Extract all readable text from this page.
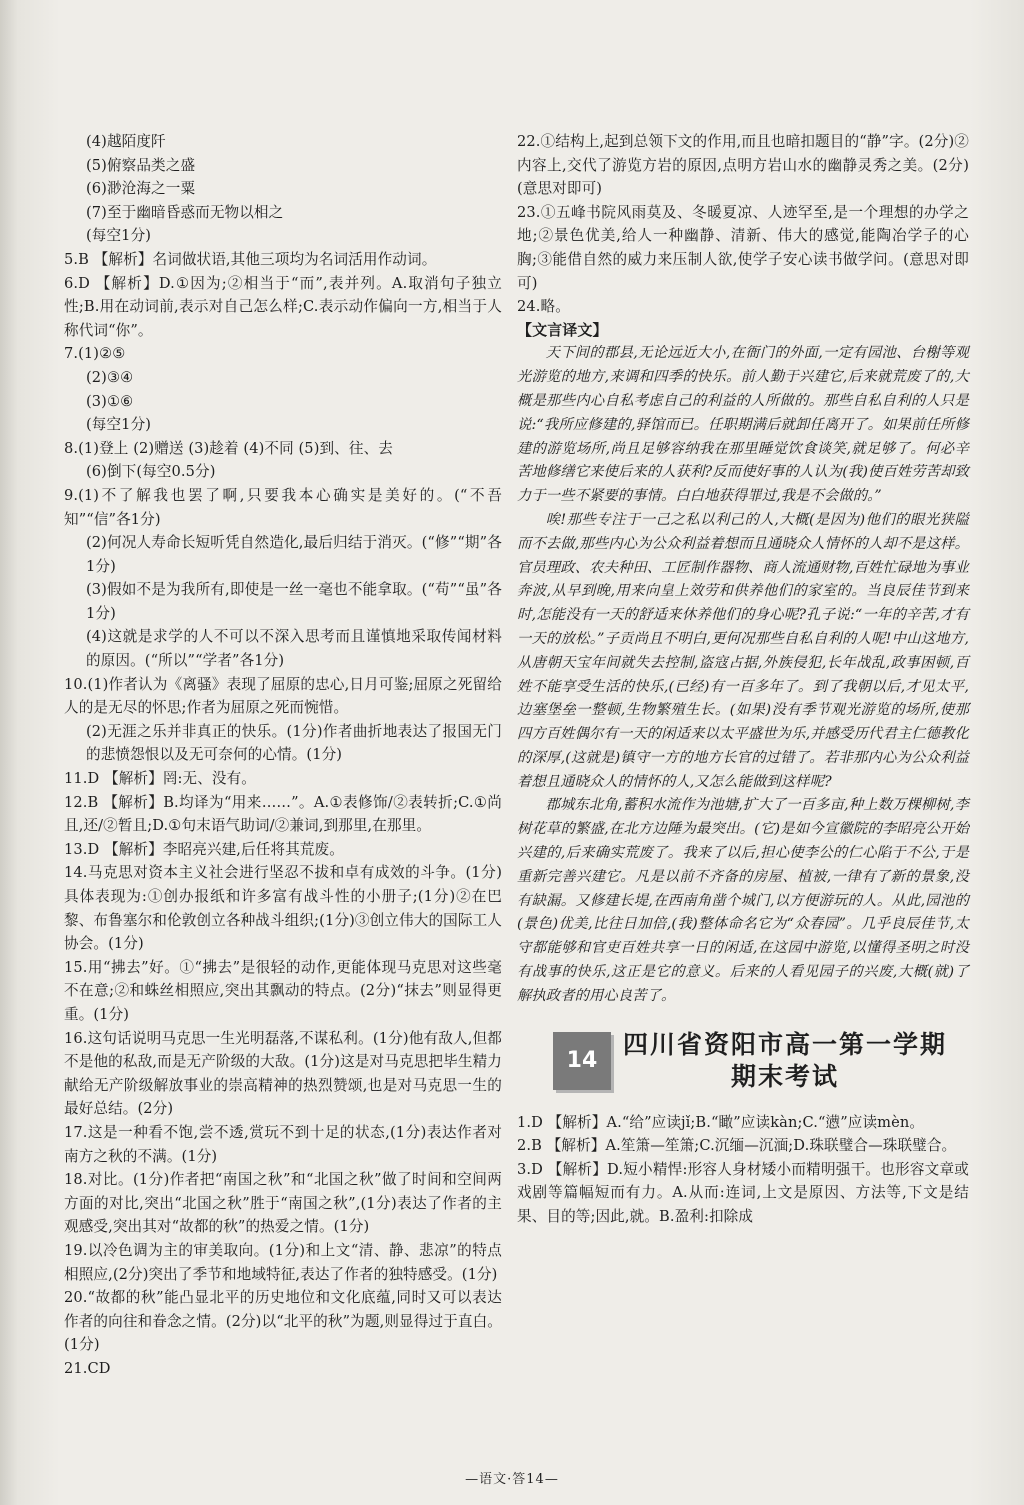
(4)越陌度阡

(5)俯察品类之盛

(6)渺沧海之一粟

(7)至于幽暗昏惑而无物以相之

(每空1分)

5.B 【解析】名词做状语,其他三项均为名词活用作动词。

6.D 【解析】D.①因为;②相当于“而”,表并列。A.取消句子独立性;B.用在动词前,表示对自己怎么样;C.表示动作偏向一方,相当于人称代词“你”。

7.(1)②⑤

(2)③④

(3)①⑥

(每空1分)

8.(1)登上 (2)赠送 (3)趁着 (4)不同 (5)到、往、去

(6)倒下(每空0.5分)

9.(1)不了解我也罢了啊,只要我本心确实是美好的。(“不吾知”“信”各1分)

(2)何况人寿命长短听凭自然造化,最后归结于消灭。(“修”“期”各1分)

(3)假如不是为我所有,即使是一丝一毫也不能拿取。(“苟”“虽”各1分)

(4)这就是求学的人不可以不深入思考而且谨慎地采取传闻材料的原因。(“所以”“学者”各1分)

10.(1)作者认为《离骚》表现了屈原的忠心,日月可鉴;屈原之死留给人的是无尽的怀思;作者为屈原之死而惋惜。

(2)无涯之乐并非真正的快乐。(1分)作者曲折地表达了报国无门的悲愤怨恨以及无可奈何的心情。(1分)

11.D 【解析】罔:无、没有。

12.B 【解析】B.均译为“用来……”。A.①表修饰/②表转折;C.①尚且,还/②暂且;D.①句末语气助词/②兼词,到那里,在那里。

13.D 【解析】李昭亮兴建,后任将其荒废。

14.马克思对资本主义社会进行坚忍不拔和卓有成效的斗争。(1分)具体表现为:①创办报纸和许多富有战斗性的小册子;(1分)②在巴黎、布鲁塞尔和伦敦创立各种战斗组织;(1分)③创立伟大的国际工人协会。(1分)

15.用“拂去”好。①“拂去”是很轻的动作,更能体现马克思对这些毫不在意;②和蛛丝相照应,突出其飘动的特点。(2分)“抹去”则显得更重。(1分)

16.这句话说明马克思一生光明磊落,不谋私利。(1分)他有敌人,但都不是他的私敌,而是无产阶级的大敌。(1分)这是对马克思把毕生精力献给无产阶级解放事业的崇高精神的热烈赞颂,也是对马克思一生的最好总结。(2分)

17.这是一种看不饱,尝不透,赏玩不到十足的状态,(1分)表达作者对南方之秋的不满。(1分)

18.对比。(1分)作者把“南国之秋”和“北国之秋”做了时间和空间两方面的对比,突出“北国之秋”胜于“南国之秋”,(1分)表达了作者的主观感受,突出其对“故都的秋”的热爱之情。(1分)

19.以冷色调为主的审美取向。(1分)和上文“清、静、悲凉”的特点相照应,(2分)突出了季节和地域特征,表达了作者的独特感受。(1分)

20.“故都的秋”能凸显北平的历史地位和文化底蕴,同时又可以表达作者的向往和眷念之情。(2分)以“北平的秋”为题,则显得过于直白。(1分)

21.CD

22.①结构上,起到总领下文的作用,而且也暗扣题目的“静”字。(2分)②内容上,交代了游览方岩的原因,点明方岩山水的幽静灵秀之美。(2分)(意思对即可)

23.①五峰书院风雨莫及、冬暖夏凉、人迹罕至,是一个理想的办学之地;②景色优美,给人一种幽静、清新、伟大的感觉,能陶冶学子的心胸;③能借自然的威力来压制人欲,使学子安心读书做学问。(意思对即可)

24.略。

【文言译文】

天下间的郡县,无论远近大小,在衙门的外面,一定有园池、台榭等观光游览的地方,来调和四季的快乐。前人勤于兴建它,后来就荒废了的,大概是那些内心自私考虑自己的利益的人所做的。那些自私自利的人只是说:“我所应修建的,驿馆而已。任职期满后就卸任离开了。如果前任所修建的游览场所,尚且足够容纳我在那里睡觉饮食谈笑,就足够了。何必辛苦地修缮它来使后来的人获利?反而使好事的人认为(我)使百姓劳苦却致力于一些不紧要的事情。白白地获得罪过,我是不会做的。”

唉!那些专注于一己之私以利己的人,大概(是因为)他们的眼光狭隘而不去做,那些内心为公众利益着想而且通晓众人情怀的人却不是这样。官员理政、农夫种田、工匠制作器物、商人流通财物,百姓忙碌地为事业奔波,从早到晚,用来向皇上效劳和供养他们的家室的。当良辰佳节到来时,怎能没有一天的舒适来休养他们的身心呢?孔子说:“一年的辛苦,才有一天的放松。”子贡尚且不明白,更何况那些自私自利的人呢!中山这地方,从唐朝天宝年间就失去控制,盗寇占据,外族侵犯,长年战乱,政事困顿,百姓不能享受生活的快乐,(已经)有一百多年了。到了我朝以后,才见太平,边塞堡垒一整顿,生物繁殖生长。(如果)没有季节观光游览的场所,使那四方百姓偶尔有一天的闲适来以太平盛世为乐,并感受历代君主仁德教化的深厚,(这就是)镇守一方的地方长官的过错了。若非那内心为公众利益着想且通晓众人的情怀的人,又怎么能做到这样呢?

郡城东北角,蓄积水流作为池塘,扩大了一百多亩,种上数万棵柳树,李树花草的繁盛,在北方边陲为最突出。(它)是如今宣徽院的李昭亮公开始兴建的,后来确实荒废了。我来了以后,担心使李公的仁心陷于不公,于是重新完善兴建它。凡是以前不齐备的房屋、植被,一律有了新的景象,没有缺漏。又修建长堤,在西南角凿个城门,以方便游玩的人。从此,园池的(景色)优美,比往日加倍,(我)整体命名它为“众春园”。几乎良辰佳节,太守都能够和官吏百姓共享一日的闲适,在这园中游览,以懂得圣明之时没有战事的快乐,这正是它的意义。后来的人看见园子的兴废,大概(就)了解执政者的用心良苦了。

14
四川省资阳市高一第一学期
期末考试

1.D 【解析】A.“给”应读jǐ;B.“瞰”应读kàn;C.“懑”应读mèn。

2.B 【解析】A.笙箫—笙箫;C.沉缅—沉湎;D.珠联璧合—珠联璧合。

3.D 【解析】D.短小精悍:形容人身材矮小而精明强干。也形容文章或戏剧等篇幅短而有力。A.从而:连词,上文是原因、方法等,下文是结果、目的等;因此,就。B.盈利:扣除成

—语文·答14—
